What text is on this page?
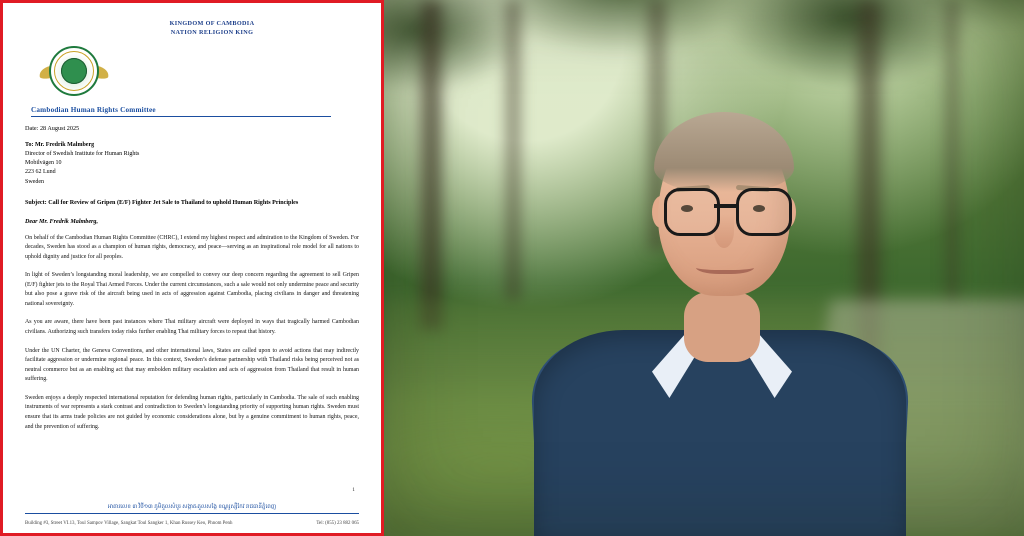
KINGDOM OF CAMBODIA
NATION RELIGION KING
Cambodian Human Rights Committee
Date: 28 August 2025
To: Mr. Fredrik Malmberg
Director of Swedish Institute for Human Rights
Mobilvägen 10
223 62 Lund
Sweden
Subject: Call for Review of Gripen (E/F) Fighter Jet Sale to Thailand to uphold Human Rights Principles
Dear Mr. Fredrik Malmberg,
On behalf of the Cambodian Human Rights Committee (CHRC), I extend my highest respect and admiration to the Kingdom of Sweden. For decades, Sweden has stood as a champion of human rights, democracy, and peace—serving as an inspirational role model for all nations to uphold dignity and justice for all peoples.
In light of Sweden’s longstanding moral leadership, we are compelled to convey our deep concern regarding the agreement to sell Gripen (E/F) fighter jets to the Royal Thai Armed Forces. Under the current circumstances, such a sale would not only undermine peace and security but also pose a grave risk of the aircraft being used in acts of aggression against Cambodia, placing civilians in danger and threatening national sovereignty.
As you are aware, there have been past instances where Thai military aircraft were deployed in ways that tragically harmed Cambodian civilians. Authorizing such transfers today risks further enabling Thai military forces to repeat that history.
Under the UN Charter, the Geneva Conventions, and other international laws, States are called upon to avoid actions that may indirectly facilitate aggression or undermine regional peace. In this context, Sweden’s defense partnership with Thailand risks being perceived not as neutral commerce but as an enabling act that may embolden military escalation and acts of aggression from Thailand that result in human suffering.
Sweden enjoys a deeply respected international reputation for defending human rights, particularly in Cambodia. The sale of such enabling instruments of war represents a stark contrast and contradiction to Sweden’s longstanding priority of supporting human rights. Sweden must ensure that its arms trade policies are not guided by economic considerations alone, but by a genuine commitment to human rights, peace, and the prevention of suffering.
1
អាគារលេខ ៣ វិថី១៣ ភូមិតួលសំបូរ សង្កាត៲តួលសង្កែ ខណ្ឌរូស្សីកែវ រាជធានីភ្នំពេញ
Building #3, Street VI.13, Toul Sampov Village, Sangkat Toul Sangker 1, Khan Russey Keo, Phnom Penh	Tel: (855) 23 882 065
